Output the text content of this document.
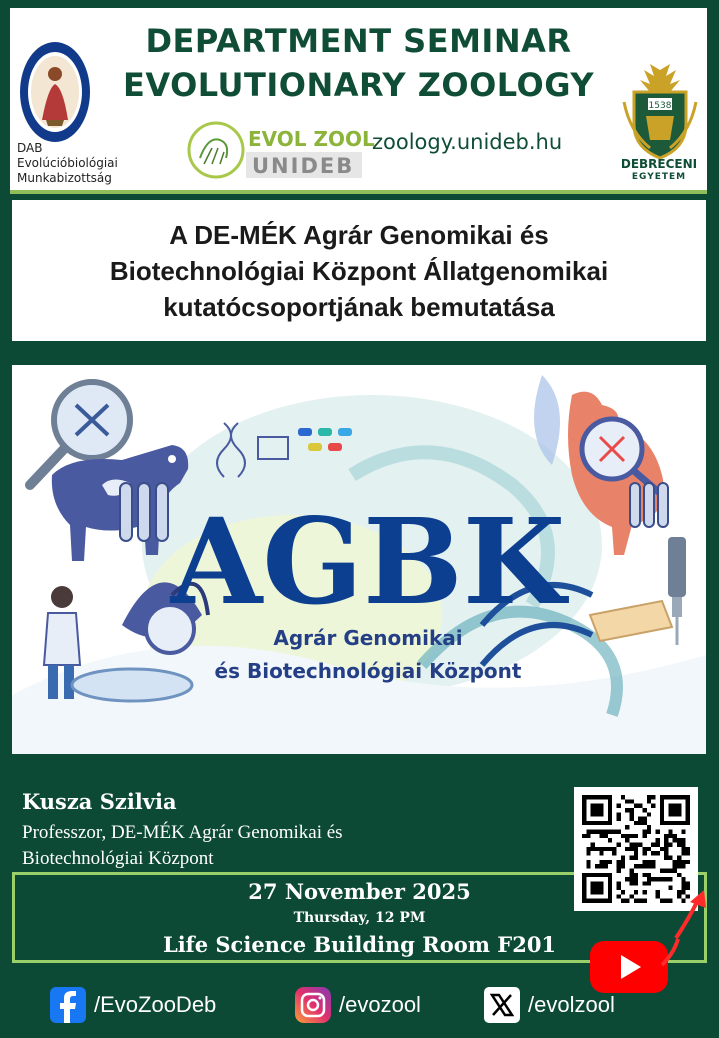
DEPARTMENT SEMINAR
EVOLUTIONARY ZOOLOGY
DAB
Evolúcióbiológiai
Munkabizottság
EVOL ZOOL
UNIDEB
zoology.unideb.hu
1538
DEBRECENI
EGYETEM
A DE-MÉK Agrár Genomikai és
Biotechnológiai Központ Állatgenomikai
kutatócsoportjának bemutatása
AGBK
Agrár Genomikai
és Biotechnológiai Központ
Kusza Szilvia
Professzor, DE-MÉK Agrár Genomikai és
Biotechnológiai Központ
27 November 2025
Thursday, 12 PM
Life Science Building Room F201
/EvoZooDeb	/evozool	/evolzool
